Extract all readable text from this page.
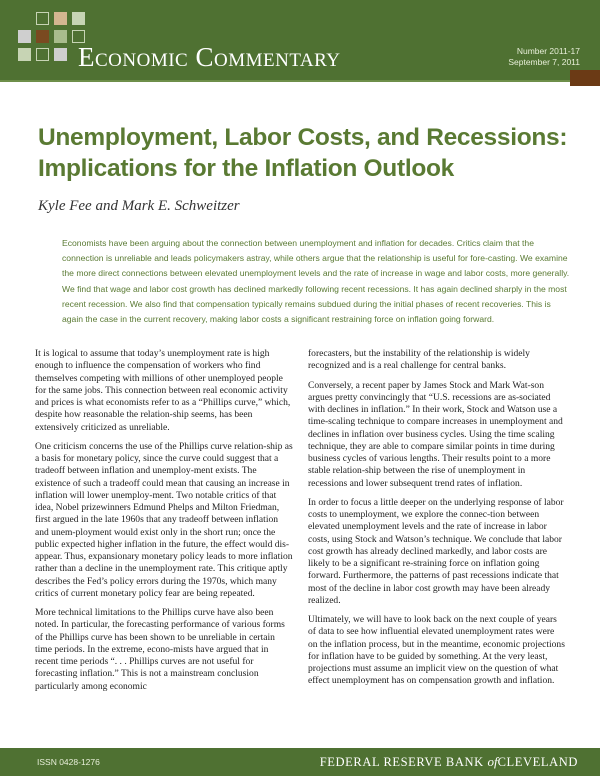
Economic Commentary	Number 2011-17
September 7, 2011
Unemployment, Labor Costs, and Recessions:
Implications for the Inflation Outlook
Kyle Fee and Mark E. Schweitzer
Economists have been arguing about the connection between unemployment and inflation for decades. Critics claim that the connection is unreliable and leads policymakers astray, while others argue that the relationship is useful for fore-casting. We examine the more direct connections between elevated unemployment levels and the rate of increase in wage and labor costs, more generally. We find that wage and labor cost growth has declined markedly following recent recessions. It has again declined sharply in the most recent recession. We also find that compensation typically remains subdued during the initial phases of recent recoveries. This is again the case in the current recovery, making labor costs a significant restraining force on inflation going forward.

It is logical to assume that today’s unemployment rate is high enough to influence the compensation of workers who find themselves competing with millions of other unemployed people for the same jobs. This connection between real economic activity and prices is what economists refer to as a “Phillips curve,” which, despite how reasonable the relation-ship seems, has been extensively criticized as unreliable.

One criticism concerns the use of the Phillips curve relation-ship as a basis for monetary policy, since the curve could suggest that a tradeoff between inflation and unemploy-ment exists. The existence of such a tradeoff could mean that causing an increase in inflation will lower unemploy-ment. Two notable critics of that idea, Nobel prizewinners Edmund Phelps and Milton Friedman, first argued in the late 1960s that any tradeoff between inflation and unem-ployment would exist only in the short run; once the public expected higher inflation in the future, the effect would dis-appear. Thus, expansionary monetary policy leads to more inflation rather than a decline in the unemployment rate. This critique aptly describes the Fed’s policy errors during the 1970s, which many critics of current monetary policy fear are being repeated.

More technical limitations to the Phillips curve have also been noted. In particular, the forecasting performance of various forms of the Phillips curve has been shown to be unreliable in certain time periods. In the extreme, econo-mists have argued that in recent time periods “. . . Phillips curves are not useful for forecasting inflation.” This is not a mainstream conclusion particularly among economic

forecasters, but the instability of the relationship is widely recognized and is a real challenge for central banks.

Conversely, a recent paper by James Stock and Mark Wat-son argues pretty convincingly that “U.S. recessions are as-sociated with declines in inflation.” In their work, Stock and Watson use a time-scaling technique to compare increases in unemployment and declines in inflation over business cycles. Using the time scaling technique, they are able to compare similar points in time during business cycles of various lengths. Their results point to a more stable relation-ship between the rise of unemployment in recessions and lower subsequent trend rates of inflation.

In order to focus a little deeper on the underlying response of labor costs to unemployment, we explore the connec-tion between elevated unemployment levels and the rate of increase in labor costs, using Stock and Watson’s technique. We conclude that labor cost growth has already declined markedly, and labor costs are likely to be a significant re-straining force on inflation going forward. Furthermore, the patterns of past recessions indicate that most of the decline in labor cost growth may have been already realized.

Ultimately, we will have to look back on the next couple of years of data to see how influential elevated unemployment rates were on the inflation process, but in the meantime, economic projections for inflation have to be guided by something. At the very least, projections must assume an implicit view on the question of what effect unemployment has on compensation growth and inflation.

ISSN 0428-1276	FEDERAL RESERVE BANK ofCLEVELAND
